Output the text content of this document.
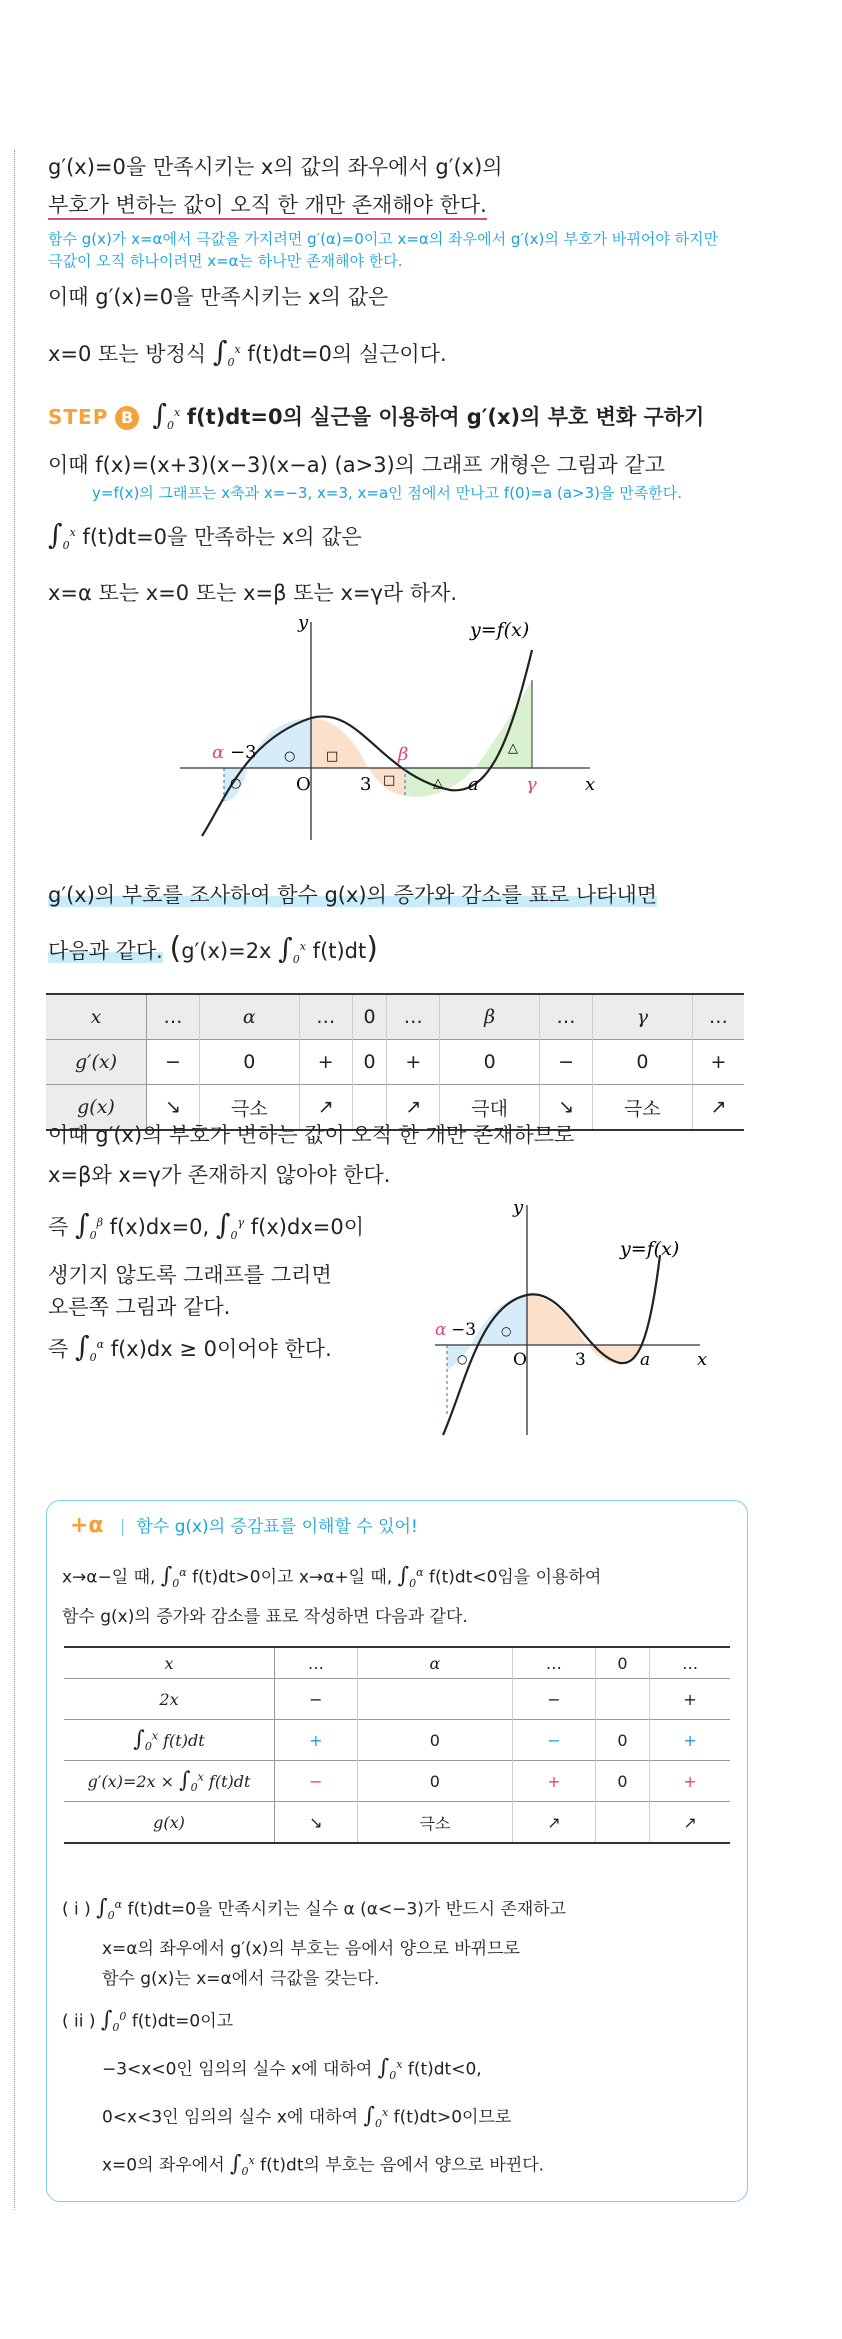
g′(x)=0을 만족시키는 x의 값의 좌우에서 g′(x)의
부호가 변하는 값이 오직 한 개만 존재해야 한다.
함수 g(x)가 x=α에서 극값을 가지려면 g′(α)=0이고 x=α의 좌우에서 g′(x)의 부호가 바뀌어야 하지만
극값이 오직 하나이려면 x=α는 하나만 존재해야 한다.
이때 g′(x)=0을 만족시키는 x의 값은
x=0 또는 방정식 $\int_0^x$ f(t)dt=0의 실근이다.
STEP B $\int_0^x$ f(t)dt=0의 실근을 이용하여 g′(x)의 부호 변화 구하기
이때 f(x)=(x+3)(x−3)(x−a) (a>3)의 그래프 개형은 그림과 같고
y=f(x)의 그래프는 x축과 x=−3, x=3, x=a인 점에서 만나고 f(0)=a (a>3)을 만족한다.
$\int_0^x$ f(t)dt=0을 만족하는 x의 값은
x=α 또는 x=0 또는 x=β 또는 x=γ라 하자.
y
x
y=f(x)
α −3
O	3
β
a	γ
○
○ □
□	△
△
g′(x)의 부호를 조사하여 함수 g(x)의 증가와 감소를 표로 나타내면
다음과 같다. (g′(x)=2x $\int_0^x$ f(t)dt)
x	…	α	…	0	…	β	…	γ	…
g′(x)	−	0	+	0	+	0	−	0	+
g(x)	↘	극소	↗		↗	극대	↘	극소	↗
이때 g′(x)의 부호가 변하는 값이 오직 한 개만 존재하므로
x=β와 x=γ가 존재하지 않아야 한다.
즉 $\int_0^\beta$ f(x)dx=0, $\int_0^\gamma$ f(x)dx=0이
생기지 않도록 그래프를 그리면
오른쪽 그림과 같다.
즉 $\int_0^\alpha$ f(x)dx ≥ 0이어야 한다.
y
x
y=f(x)
α −3
O	3	a
○
○
+α | 함수 g(x)의 증감표를 이해할 수 있어!
x→α−일 때, $\int_0^\alpha$ f(t)dt>0이고 x→α+일 때, $\int_0^\alpha$ f(t)dt<0임을 이용하여
함수 g(x)의 증가와 감소를 표로 작성하면 다음과 같다.
x	…	α	…	0	…
2x	−		−		+
$\int_0^x$ f(t)dt	+	0	−	0	+
$g'(x)=2x \times \int_0^x$ f(t)dt	−	0	+	0	+
g(x)	↘	극소	↗		↗
( i ) $\int_0^\alpha$ f(t)dt=0을 만족시키는 실수 α (α<−3)가 반드시 존재하고
x=α의 좌우에서 g′(x)의 부호는 음에서 양으로 바뀌므로
함수 g(x)는 x=α에서 극값을 갖는다.
( ii ) $\int_0^0$ f(t)dt=0이고
−3<x<0인 임의의 실수 x에 대하여 $\int_0^x$ f(t)dt<0,
0<x<3인 임의의 실수 x에 대하여 $\int_0^x$ f(t)dt>0이므로
x=0의 좌우에서 $\int_0^x$ f(t)dt의 부호는 음에서 양으로 바뀐다.
